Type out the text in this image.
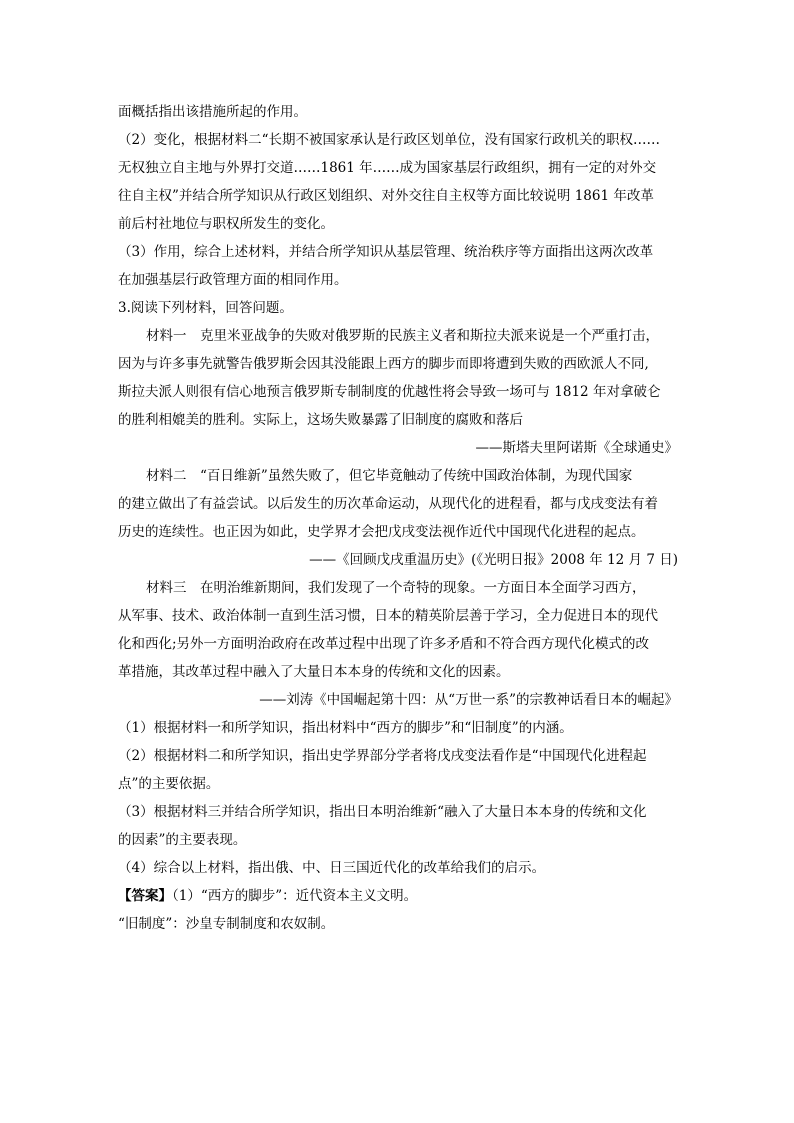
面概括指出该措施所起的作用。
（2）变化，根据材料二“长期不被国家承认是行政区划单位，没有国家行政机关的职权……
无权独立自主地与外界打交道……1861 年……成为国家基层行政组织，拥有一定的对外交
往自主权”并结合所学知识从行政区划组织、对外交往自主权等方面比较说明 1861 年改革
前后村社地位与职权所发生的变化。
（3）作用，综合上述材料，并结合所学知识从基层管理、统治秩序等方面指出这两次改革
在加强基层行政管理方面的相同作用。
3.阅读下列材料，回答问题。
材料一　克里米亚战争的失败对俄罗斯的民族主义者和斯拉夫派来说是一个严重打击，
因为与许多事先就警告俄罗斯会因其没能跟上西方的脚步而即将遭到失败的西欧派人不同,
斯拉夫派人则很有信心地预言俄罗斯专制制度的优越性将会导致一场可与 1812 年对拿破仑
的胜利相媲美的胜利。实际上，这场失败暴露了旧制度的腐败和落后
——斯塔夫里阿诺斯《全球通史》
材料二　“百日维新”虽然失败了，但它毕竟触动了传统中国政治体制，为现代国家
的建立做出了有益尝试。以后发生的历次革命运动，从现代化的进程看，都与戊戌变法有着
历史的连续性。也正因为如此，史学界才会把戊戌变法视作近代中国现代化进程的起点。
——《回顾戊戌重温历史》(《光明日报》2008 年 12 月 7 日)
材料三　在明治维新期间，我们发现了一个奇特的现象。一方面日本全面学习西方，
从军事、技术、政治体制一直到生活习惯，日本的精英阶层善于学习，全力促进日本的现代
化和西化;另外一方面明治政府在改革过程中出现了许多矛盾和不符合西方现代化模式的改
革措施，其改革过程中融入了大量日本本身的传统和文化的因素。
——刘涛《中国崛起第十四：从“万世一系”的宗教神话看日本的崛起》
（1）根据材料一和所学知识，指出材料中“西方的脚步”和“旧制度”的内涵。
（2）根据材料二和所学知识，指出史学界部分学者将戊戌变法看作是“中国现代化进程起
点”的主要依据。
（3）根据材料三并结合所学知识，指出日本明治维新“融入了大量日本本身的传统和文化
的因素”的主要表现。
（4）综合以上材料，指出俄、中、日三国近代化的改革给我们的启示。
【答案】（1）“西方的脚步”：近代资本主义文明。
“旧制度”：沙皇专制制度和农奴制。
